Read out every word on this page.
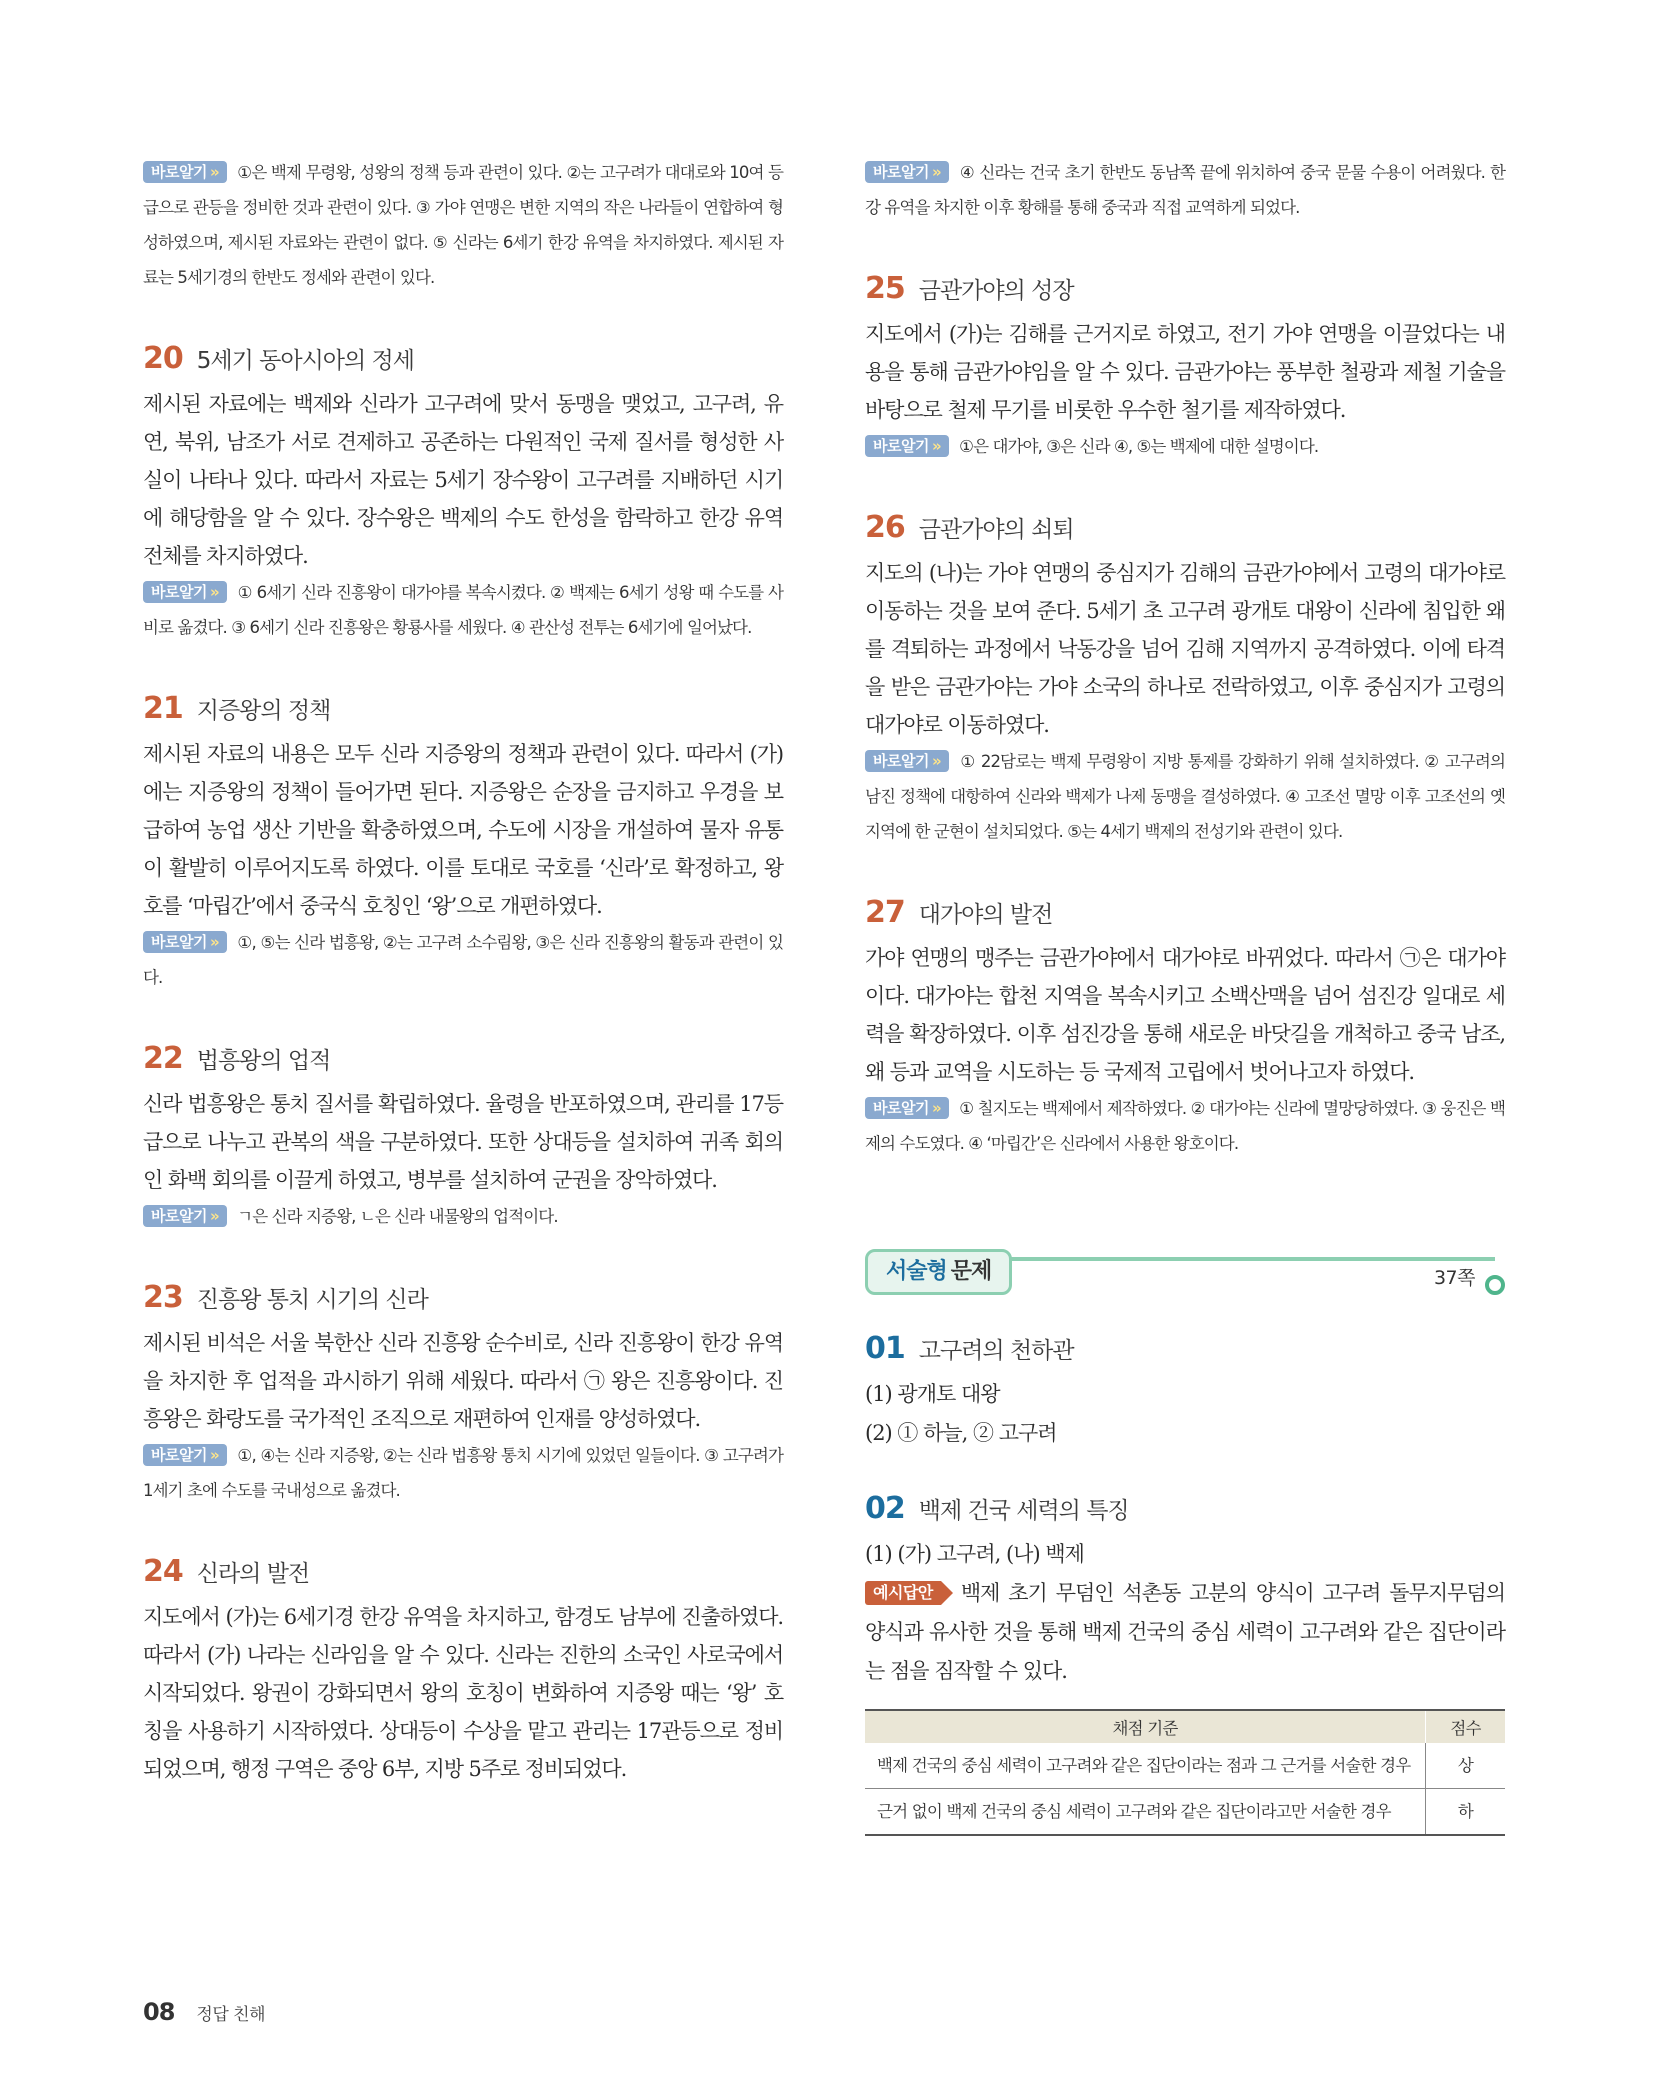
바로알기 » ①은 백제 무령왕, 성왕의 정책 등과 관련이 있다. ②는 고구려가 대대로와 10여 등급으로 관등을 정비한 것과 관련이 있다. ③ 가야 연맹은 변한 지역의 작은 나라들이 연합하여 형성하였으며, 제시된 자료와는 관련이 없다. ⑤ 신라는 6세기 한강 유역을 차지하였다. 제시된 자료는 5세기경의 한반도 정세와 관련이 있다.
20 5세기 동아시아의 정세
제시된 자료에는 백제와 신라가 고구려에 맞서 동맹을 맺었고, 고구려, 유연, 북위, 남조가 서로 견제하고 공존하는 다원적인 국제 질서를 형성한 사실이 나타나 있다. 따라서 자료는 5세기 장수왕이 고구려를 지배하던 시기에 해당함을 알 수 있다. 장수왕은 백제의 수도 한성을 함락하고 한강 유역 전체를 차지하였다.
바로알기 » ① 6세기 신라 진흥왕이 대가야를 복속시켰다. ② 백제는 6세기 성왕 때 수도를 사비로 옮겼다. ③ 6세기 신라 진흥왕은 황룡사를 세웠다. ④ 관산성 전투는 6세기에 일어났다.
21 지증왕의 정책
제시된 자료의 내용은 모두 신라 지증왕의 정책과 관련이 있다. 따라서 (가)에는 지증왕의 정책이 들어가면 된다. 지증왕은 순장을 금지하고 우경을 보급하여 농업 생산 기반을 확충하였으며, 수도에 시장을 개설하여 물자 유통이 활발히 이루어지도록 하였다. 이를 토대로 국호를 ‘신라’로 확정하고, 왕호를 ‘마립간’에서 중국식 호칭인 ‘왕’으로 개편하였다.
바로알기 » ①, ⑤는 신라 법흥왕, ②는 고구려 소수림왕, ③은 신라 진흥왕의 활동과 관련이 있다.
22 법흥왕의 업적
신라 법흥왕은 통치 질서를 확립하였다. 율령을 반포하였으며, 관리를 17등급으로 나누고 관복의 색을 구분하였다. 또한 상대등을 설치하여 귀족 회의인 화백 회의를 이끌게 하였고, 병부를 설치하여 군권을 장악하였다.
바로알기 » ㄱ은 신라 지증왕, ㄴ은 신라 내물왕의 업적이다.
23 진흥왕 통치 시기의 신라
제시된 비석은 서울 북한산 신라 진흥왕 순수비로, 신라 진흥왕이 한강 유역을 차지한 후 업적을 과시하기 위해 세웠다. 따라서 ㉠ 왕은 진흥왕이다. 진흥왕은 화랑도를 국가적인 조직으로 재편하여 인재를 양성하였다.
바로알기 » ①, ④는 신라 지증왕, ②는 신라 법흥왕 통치 시기에 있었던 일들이다. ③ 고구려가 1세기 초에 수도를 국내성으로 옮겼다.
24 신라의 발전
지도에서 (가)는 6세기경 한강 유역을 차지하고, 함경도 남부에 진출하였다. 따라서 (가) 나라는 신라임을 알 수 있다. 신라는 진한의 소국인 사로국에서 시작되었다. 왕권이 강화되면서 왕의 호칭이 변화하여 지증왕 때는 ‘왕’ 호칭을 사용하기 시작하였다. 상대등이 수상을 맡고 관리는 17관등으로 정비되었으며, 행정 구역은 중앙 6부, 지방 5주로 정비되었다.
바로알기 » ④ 신라는 건국 초기 한반도 동남쪽 끝에 위치하여 중국 문물 수용이 어려웠다. 한강 유역을 차지한 이후 황해를 통해 중국과 직접 교역하게 되었다.
25 금관가야의 성장
지도에서 (가)는 김해를 근거지로 하였고, 전기 가야 연맹을 이끌었다는 내용을 통해 금관가야임을 알 수 있다. 금관가야는 풍부한 철광과 제철 기술을 바탕으로 철제 무기를 비롯한 우수한 철기를 제작하였다.
바로알기 » ①은 대가야, ③은 신라 ④, ⑤는 백제에 대한 설명이다.
26 금관가야의 쇠퇴
지도의 (나)는 가야 연맹의 중심지가 김해의 금관가야에서 고령의 대가야로 이동하는 것을 보여 준다. 5세기 초 고구려 광개토 대왕이 신라에 침입한 왜를 격퇴하는 과정에서 낙동강을 넘어 김해 지역까지 공격하였다. 이에 타격을 받은 금관가야는 가야 소국의 하나로 전락하였고, 이후 중심지가 고령의 대가야로 이동하였다.
바로알기 » ① 22담로는 백제 무령왕이 지방 통제를 강화하기 위해 설치하였다. ② 고구려의 남진 정책에 대항하여 신라와 백제가 나제 동맹을 결성하였다. ④ 고조선 멸망 이후 고조선의 옛 지역에 한 군현이 설치되었다. ⑤는 4세기 백제의 전성기와 관련이 있다.
27 대가야의 발전
가야 연맹의 맹주는 금관가야에서 대가야로 바뀌었다. 따라서 ㉠은 대가야이다. 대가야는 합천 지역을 복속시키고 소백산맥을 넘어 섬진강 일대로 세력을 확장하였다. 이후 섬진강을 통해 새로운 바닷길을 개척하고 중국 남조, 왜 등과 교역을 시도하는 등 국제적 고립에서 벗어나고자 하였다.
바로알기 » ① 칠지도는 백제에서 제작하였다. ② 대가야는 신라에 멸망당하였다. ③ 웅진은 백제의 수도였다. ④ ‘마립간’은 신라에서 사용한 왕호이다.
서술형 문제	37쪽
01 고구려의 천하관
(1) 광개토 대왕
(2) ① 하늘, ② 고구려
02 백제 건국 세력의 특징
(1) (가) 고구려, (나) 백제
예시답안 백제 초기 무덤인 석촌동 고분의 양식이 고구려 돌무지무덤의 양식과 유사한 것을 통해 백제 건국의 중심 세력이 고구려와 같은 집단이라는 점을 짐작할 수 있다.
채점 기준	점수
백제 건국의 중심 세력이 고구려와 같은 집단이라는 점과 그 근거를 서술한 경우	상
근거 없이 백제 건국의 중심 세력이 고구려와 같은 집단이라고만 서술한 경우	하
08 정답 친해
